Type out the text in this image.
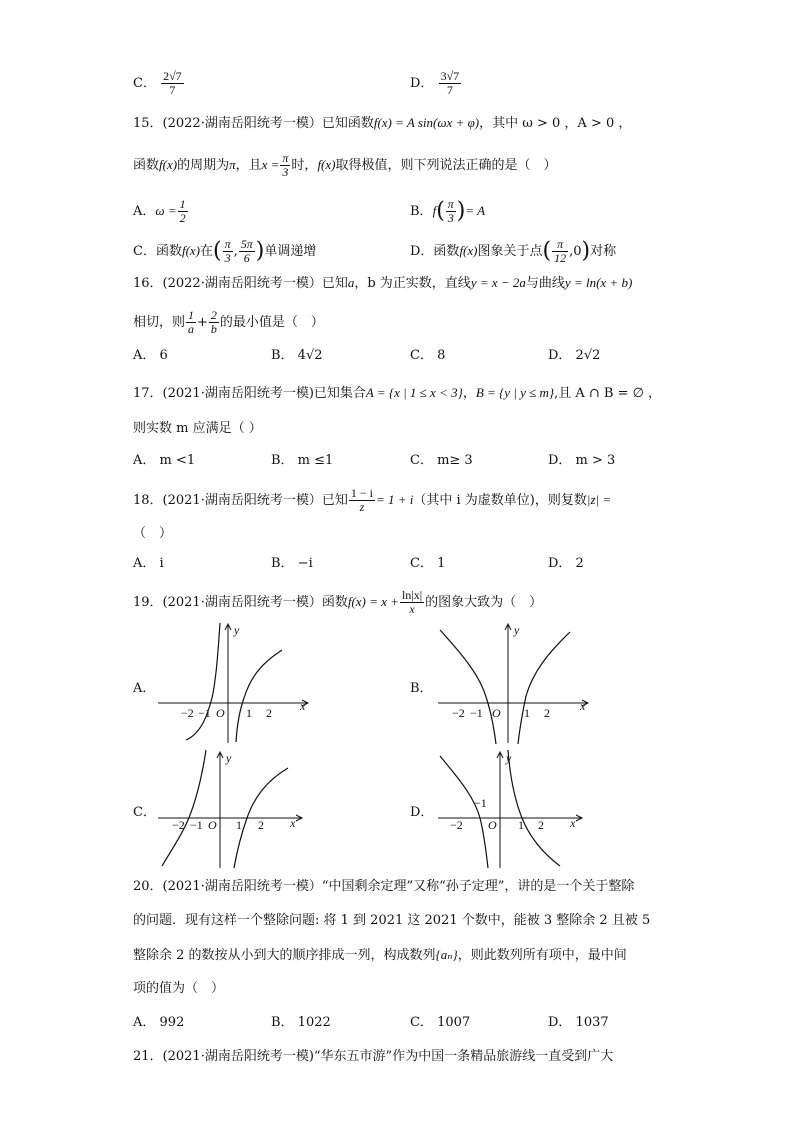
C． $\frac{2√7}{7}$	D． $\frac{3√7}{7}$
15．(2022·湖南岳阳统考一模）已知函数f(x) = A sin(ωx + φ)，其中 ω > 0 ，A > 0 ，
函数f(x)的周期为π，且$x = \frac{\pi}{3}$ 时，f(x)取得极值，则下列说法正确的是（　）
A．$\omega = \frac{1}{2}$	B．$f( \frac{\pi}{3}$ )= A
C．函数f(x)在( $\frac{\pi}{3}$ , $\frac{5\pi}{6}$ )单调递增	D．函数f(x)图象关于点( $\frac{\pi}{12} ,0$)对称
16．(2022·湖南岳阳统考一模）已知a，b 为正实数，直线y = x − 2a与曲线y = ln(x + b)
相切，则 $\frac{1}{a} + \frac{2}{b}$ 的最小值是（　）
A． 6	B． 4√2	C． 8	D． 2√2
17．(2021·湖南岳阳统考一模)已知集合A = {x | 1 ≤ x < 3}，B = {y | y ≤ m},且 A ∩ B = ∅ ，
则实数 m 应满足（ ）
A． m <1	B． m ≤1	C． m≥ 3	D． m > 3
18．(2021·湖南岳阳统考一模）已知 $\frac{1 - i}{z} = 1 + i$（其中 i 为虚数单位)，则复数|z| =
（　）
A． i	B． −i	C． 1	D． 2
19．(2021·湖南岳阳统考一模）函数$f(x) = x + \frac{\ln|x|}{x}$ 的图象大致为（　）
A．	B．
C．	D．
−2 −1 O 1 2 x
y
−2 −1 O 1 2	x
y
−2 −1 O 1 2 x
y
−2
−1
O 1 2 x
y
20．(2021·湖南岳阳统考一模）“中国剩余定理”又称“孙子定理”，讲的是一个关于整除
的问题．现有这样一个整除问题: 将 1 到 2021 这 2021 个数中，能被 3 整除余 2 且被 5
整除余 2 的数按从小到大的顺序排成一列，构成数列{aₙ}，则此数列所有项中，最中间
项的值为（　）
A． 992	B． 1022	C． 1007	D． 1037
21．(2021·湖南岳阳统考一模)“华东五市游”作为中国一条精品旅游线一直受到广大
